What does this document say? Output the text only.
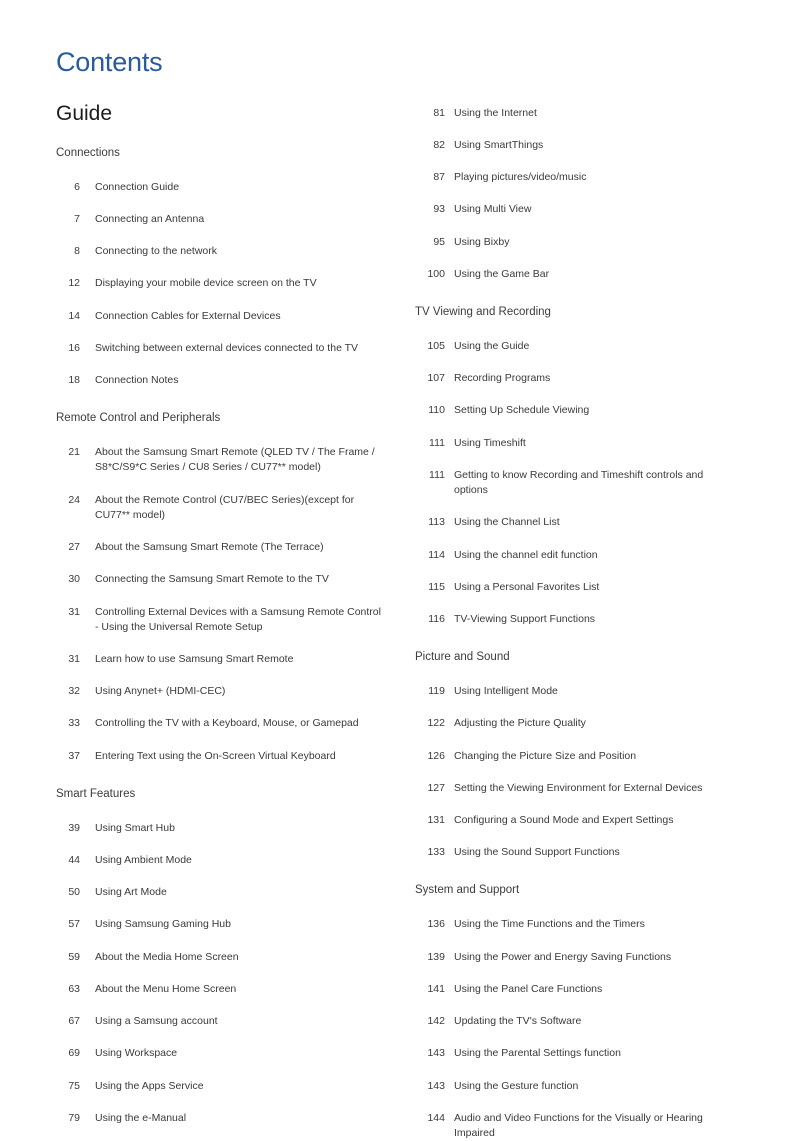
Contents
Guide
Connections
6	Connection Guide
7	Connecting an Antenna
8	Connecting to the network
12	Displaying your mobile device screen on the TV
14	Connection Cables for External Devices
16	Switching between external devices connected to the TV
18	Connection Notes
Remote Control and Peripherals
21	About the Samsung Smart Remote (QLED TV / The Frame / S8*C/S9*C Series / CU8 Series / CU77** model)
24	About the Remote Control (CU7/BEC Series)(except for CU77** model)
27	About the Samsung Smart Remote (The Terrace)
30	Connecting the Samsung Smart Remote to the TV
31	Controlling External Devices with a Samsung Remote Control - Using the Universal Remote Setup
31	Learn how to use Samsung Smart Remote
32	Using Anynet+ (HDMI-CEC)
33	Controlling the TV with a Keyboard, Mouse, or Gamepad
37	Entering Text using the On-Screen Virtual Keyboard
Smart Features
39	Using Smart Hub
44	Using Ambient Mode
50	Using Art Mode
57	Using Samsung Gaming Hub
59	About the Media Home Screen
63	About the Menu Home Screen
67	Using a Samsung account
69	Using Workspace
75	Using the Apps Service
79	Using the e-Manual
81 Using the Internet
82 Using SmartThings
87 Playing pictures/video/music
93 Using Multi View
95 Using Bixby
100 Using the Game Bar
TV Viewing and Recording
105 Using the Guide
107 Recording Programs
110 Setting Up Schedule Viewing
111 Using Timeshift
111 Getting to know Recording and Timeshift controls and options
113 Using the Channel List
114 Using the channel edit function
115 Using a Personal Favorites List
116 TV-Viewing Support Functions
Picture and Sound
119 Using Intelligent Mode
122 Adjusting the Picture Quality
126 Changing the Picture Size and Position
127 Setting the Viewing Environment for External Devices
131 Configuring a Sound Mode and Expert Settings
133 Using the Sound Support Functions
System and Support
136 Using the Time Functions and the Timers
139 Using the Power and Energy Saving Functions
141 Using the Panel Care Functions
142 Updating the TV's Software
143 Using the Parental Settings function
143 Using the Gesture function
144 Audio and Video Functions for the Visually or Hearing Impaired
